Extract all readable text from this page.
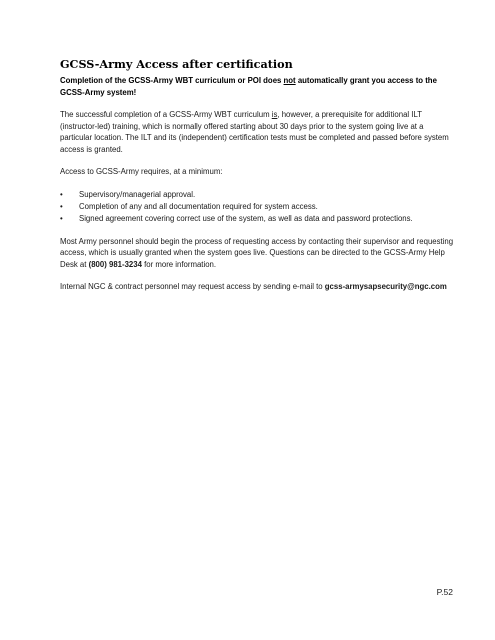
GCSS-Army Access after certification

Completion of the GCSS-Army WBT curriculum or POI does not automatically grant you access to the GCSS-Army system!

The successful completion of a GCSS-Army WBT curriculum is, however, a prerequisite for additional ILT (instructor-led) training, which is normally offered starting about 30 days prior to the system going live at a particular location. The ILT and its (independent) certification tests must be completed and passed before system access is granted.

Access to GCSS-Army requires, at a minimum:

• Supervisory/managerial approval.
• Completion of any and all documentation required for system access.
• Signed agreement covering correct use of the system, as well as data and password protections.

Most Army personnel should begin the process of requesting access by contacting their supervisor and requesting access, which is usually granted when the system goes live. Questions can be directed to the GCSS-Army Help Desk at (800) 981-3234 for more information.

Internal NGC & contract personnel may request access by sending e-mail to gcss-armysapsecurity@ngc.com

P.52
